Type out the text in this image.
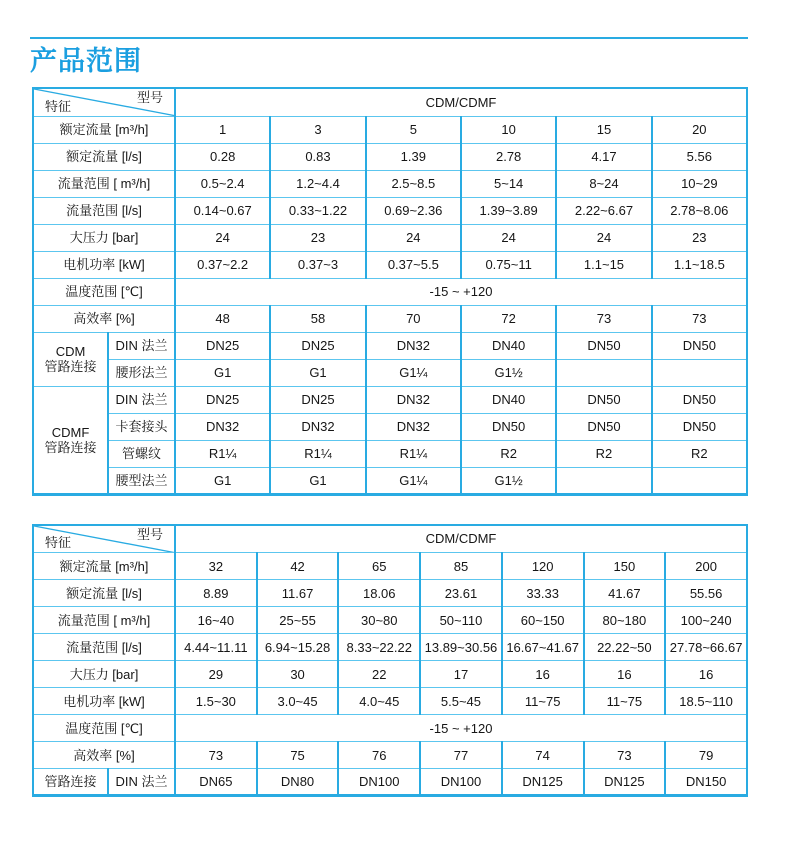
产品范围
型号
特征		CDM/CDMF					
额定流量 [m³/h]		1	3	5	10	15	20
额定流量 [l/s]		0.28	0.83	1.39	2.78	4.17	5.56
流量范围 [ m³/h]		0.5~2.4	1.2~4.4	2.5~8.5	5~14	8~24	10~29
流量范围 [l/s]		0.14~0.67	0.33~1.22	0.69~2.36	1.39~3.89	2.22~6.67	2.78~8.06
大压力 [bar]		24	23	24	24	24	23
电机功率 [kW]		0.37~2.2	0.37~3	0.37~5.5	0.75~11	1.1~15	1.1~18.5
温度范围 [℃]		-15 ~ +120					
高效率 [%]		48	58	70	72	73	73
CDM
管路连接	DIN 法兰	DN25	DN25	DN32	DN40	DN50	DN50
	腰形法兰	G1	G1	G1¼	G1½		
CDMF
管路连接	DIN 法兰	DN25	DN25	DN32	DN40	DN50	DN50
	卡套接头	DN32	DN32	DN32	DN50	DN50	DN50
	管螺纹	R1¼	R1¼	R1¼	R2	R2	R2
	腰型法兰	G1	G1	G1¼	G1½		
型号
特征		CDM/CDMF						
额定流量 [m³/h]		32	42	65	85	120	150	200
额定流量 [l/s]		8.89	11.67	18.06	23.61	33.33	41.67	55.56
流量范围 [ m³/h]		16~40	25~55	30~80	50~110	60~150	80~180	100~240
流量范围 [l/s]		4.44~11.11	6.94~15.28	8.33~22.22	13.89~30.56	16.67~41.67	22.22~50	27.78~66.67
大压力 [bar]		29	30	22	17	16	16	16
电机功率 [kW]		1.5~30	3.0~45	4.0~45	5.5~45	11~75	11~75	18.5~110
温度范围 [℃]		-15 ~ +120						
高效率 [%]		73	75	76	77	74	73	79
管路连接	DIN 法兰	DN65	DN80	DN100	DN100	DN125	DN125	DN150
